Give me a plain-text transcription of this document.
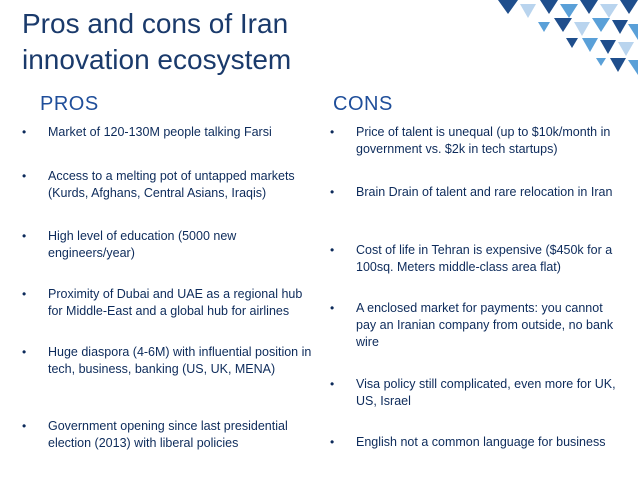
Pros and cons of Iran
innovation ecosystem
PROS	CONS
•	Market of 120-130M people talking Farsi
•	Access to a melting pot of untapped markets (Kurds, Afghans, Central Asians, Iraqis)
•	High level of education (5000 new engineers/year)
•	Proximity of Dubai and UAE as a regional hub for Middle-East and a global hub for airlines
•	Huge diaspora (4-6M) with influential position in tech, business, banking (US, UK, MENA)
•	Government opening since last presidential election (2013) with liberal policies
•	Price of talent is unequal (up to $10k/month in government vs. $2k in tech startups)
•	Brain Drain of talent and rare relocation in Iran
•	Cost of life in Tehran is expensive ($450k for a 100sq. Meters middle-class area flat)
•	A enclosed market for payments: you cannot pay an Iranian company from outside, no bank wire
•	Visa policy still complicated, even more for UK, US, Israel
•	English not a common language for business
